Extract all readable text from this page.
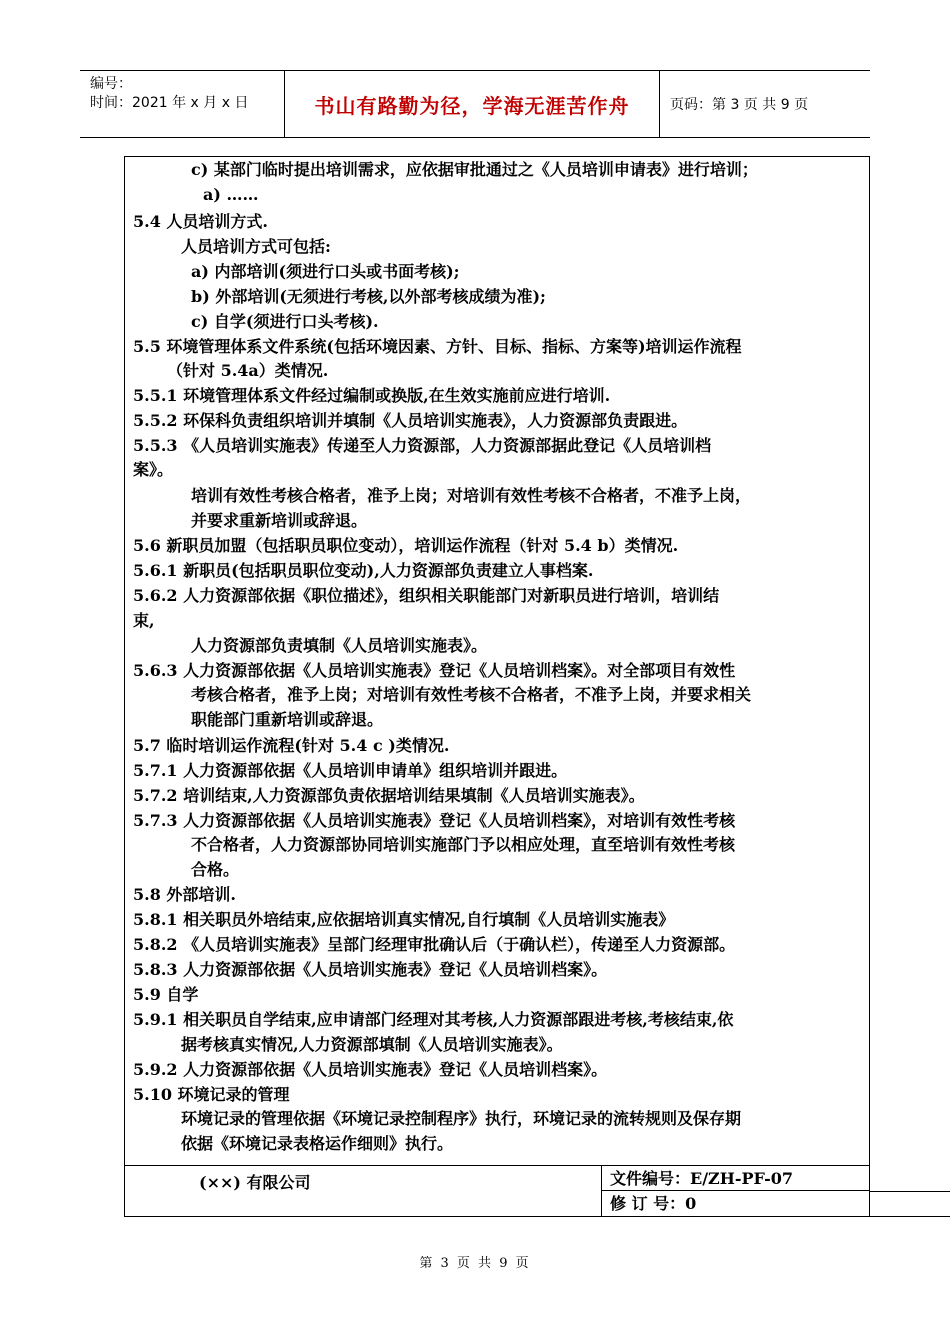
编号：
时间：2021 年 x 月 x 日	书山有路勤为径，学海无涯苦作舟	页码：第 3 页 共 9 页
c) 某部门临时提出培训需求，应依据审批通过之《人员培训申请表》进行培训；
a) ……
5.4 人员培训方式.
人员培训方式可包括:
a) 内部培训(须进行口头或书面考核);
b) 外部培训(无须进行考核,以外部考核成绩为准);
c) 自学(须进行口头考核).
5.5 环境管理体系文件系统(包括环境因素、方针、目标、指标、方案等)培训运作流程
（针对 5.4a）类情况.
5.5.1 环境管理体系文件经过编制或换版,在生效实施前应进行培训.
5.5.2 环保科负责组织培训并填制《人员培训实施表》，人力资源部负责跟进。
5.5.3 《人员培训实施表》传递至人力资源部，人力资源部据此登记《人员培训档
案》。
培训有效性考核合格者，准予上岗；对培训有效性考核不合格者，不准予上岗，
并要求重新培训或辞退。
5.6 新职员加盟（包括职员职位变动），培训运作流程（针对 5.4 b）类情况.
5.6.1 新职员(包括职员职位变动),人力资源部负责建立人事档案.
5.6.2 人力资源部依据《职位描述》，组织相关职能部门对新职员进行培训，培训结
束,
人力资源部负责填制《人员培训实施表》。
5.6.3 人力资源部依据《人员培训实施表》登记《人员培训档案》。对全部项目有效性
考核合格者，准予上岗；对培训有效性考核不合格者，不准予上岗，并要求相关
职能部门重新培训或辞退。
5.7 临时培训运作流程(针对 5.4 c )类情况.
5.7.1 人力资源部依据《人员培训申请单》组织培训并跟进。
5.7.2 培训结束,人力资源部负责依据培训结果填制《人员培训实施表》。
5.7.3 人力资源部依据《人员培训实施表》登记《人员培训档案》，对培训有效性考核
不合格者，人力资源部协同培训实施部门予以相应处理，直至培训有效性考核
合格。
5.8 外部培训.
5.8.1 相关职员外培结束,应依据培训真实情况,自行填制《人员培训实施表》
5.8.2 《人员培训实施表》呈部门经理审批确认后（于确认栏），传递至人力资源部。
5.8.3 人力资源部依据《人员培训实施表》登记《人员培训档案》。
5.9 自学
5.9.1 相关职员自学结束,应申请部门经理对其考核,人力资源部跟进考核,考核结束,依
据考核真实情况,人力资源部填制《人员培训实施表》。
5.9.2 人力资源部依据《人员培训实施表》登记《人员培训档案》。
5.10 环境记录的管理
环境记录的管理依据《环境记录控制程序》执行，环境记录的流转规则及保存期
依据《环境记录表格运作细则》执行。
(××) 有限公司	文件编号：E/ZH-PF-07
修 订 号：0
第 3 页 共 9 页
